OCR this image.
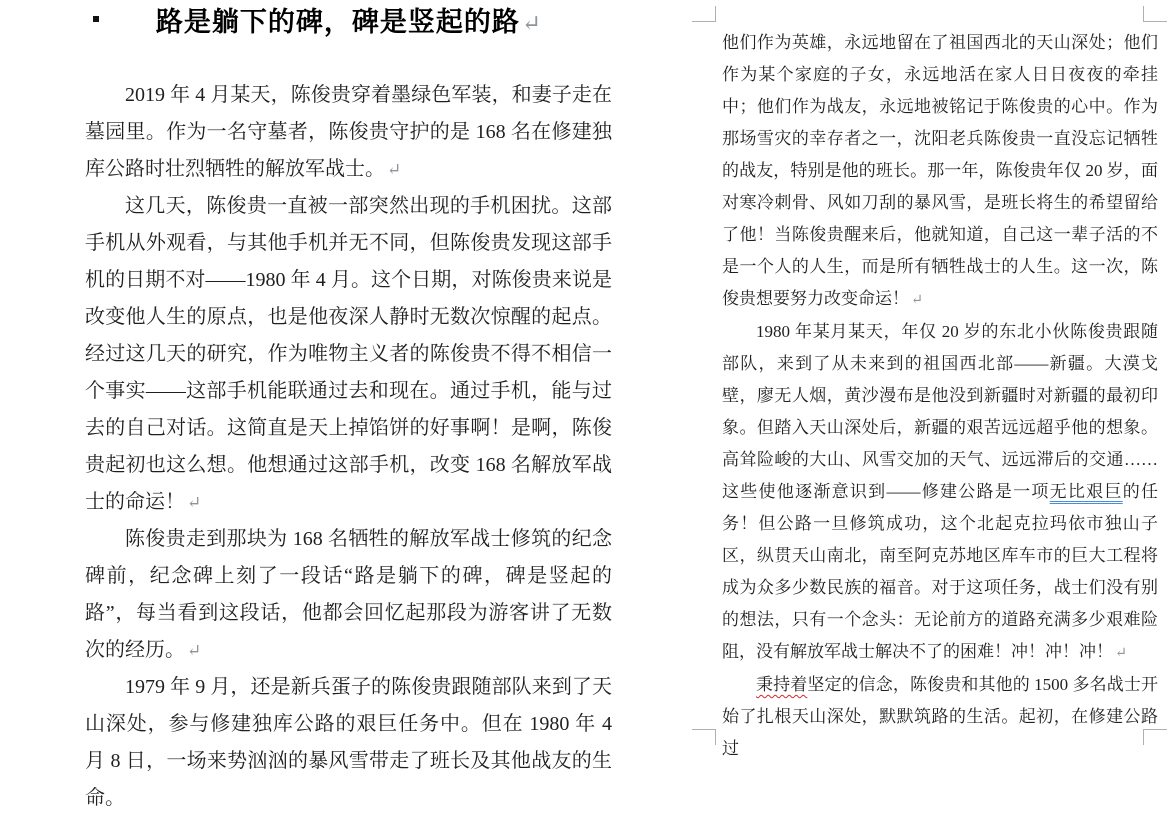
路是躺下的碑，碑是竖起的路↵

2019 年 4 月某天，陈俊贵穿着墨绿色军装，和妻子走在墓园里。作为一名守墓者，陈俊贵守护的是 168 名在修建独库公路时壮烈牺牲的解放军战士。 ↵

这几天，陈俊贵一直被一部突然出现的手机困扰。这部手机从外观看，与其他手机并无不同，但陈俊贵发现这部手机的日期不对——1980 年 4 月。这个日期，对陈俊贵来说是改变他人生的原点，也是他夜深人静时无数次惊醒的起点。经过这几天的研究，作为唯物主义者的陈俊贵不得不相信一个事实——这部手机能联通过去和现在。通过手机，能与过去的自己对话。这简直是天上掉馅饼的好事啊！是啊，陈俊贵起初也这么想。他想通过这部手机，改变 168 名解放军战士的命运！ ↵

陈俊贵走到那块为 168 名牺牲的解放军战士修筑的纪念碑前，纪念碑上刻了一段话“路是躺下的碑，碑是竖起的路”，每当看到这段话，他都会回忆起那段为游客讲了无数次的经历。 ↵

1979 年 9 月，还是新兵蛋子的陈俊贵跟随部队来到了天山深处，参与修建独库公路的艰巨任务中。但在 1980 年 4 月 8 日，一场来势汹汹的暴风雪带走了班长及其他战友的生命。

他们作为英雄，永远地留在了祖国西北的天山深处；他们作为某个家庭的子女，永远地活在家人日日夜夜的牵挂中；他们作为战友，永远地被铭记于陈俊贵的心中。作为那场雪灾的幸存者之一，沈阳老兵陈俊贵一直没忘记牺牲的战友，特别是他的班长。那一年，陈俊贵年仅 20 岁，面对寒冷刺骨、风如刀刮的暴风雪，是班长将生的希望留给了他！当陈俊贵醒来后，他就知道，自己这一辈子活的不是一个人的人生，而是所有牺牲战士的人生。这一次，陈俊贵想要努力改变命运！ ↵

1980 年某月某天，年仅 20 岁的东北小伙陈俊贵跟随部队，来到了从未来到的祖国西北部——新疆。大漠戈壁，廖无人烟，黄沙漫布是他没到新疆时对新疆的最初印象。但踏入天山深处后，新疆的艰苦远远超乎他的想象。高耸险峻的大山、风雪交加的天气、远远滞后的交通……这些使他逐渐意识到——修建公路是一项无比艰巨的任务！但公路一旦修筑成功，这个北起克拉玛依市独山子区，纵贯天山南北，南至阿克苏地区库车市的巨大工程将成为众多少数民族的福音。对于这项任务，战士们没有别的想法，只有一个念头：无论前方的道路充满多少艰难险阻，没有解放军战士解决不了的困难！冲！冲！冲！ ↵

秉持着坚定的信念，陈俊贵和其他的 1500 多名战士开始了扎根天山深处，默默筑路的生活。起初，在修建公路过
